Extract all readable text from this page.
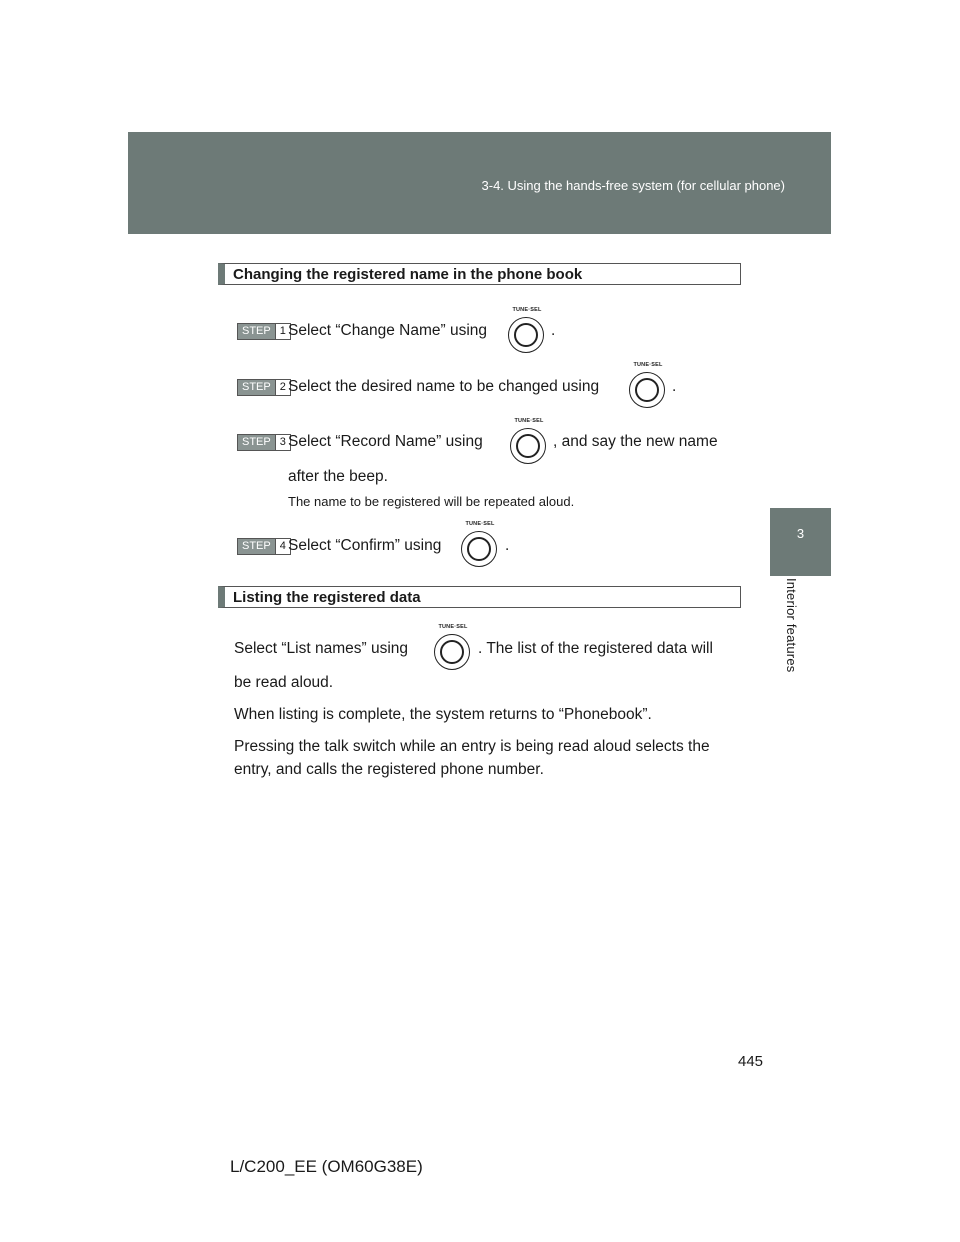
3-4. Using the hands-free system (for cellular phone)
3
Interior features
Changing the registered name in the phone book
STEP 1 Select “Change Name” using
TUNE·SEL
.
STEP 2 Select the desired name to be changed using
TUNE·SEL
.
STEP 3 Select “Record Name” using
TUNE·SEL
, and say the new name
after the beep.
The name to be registered will be repeated aloud.
STEP 4 Select “Confirm” using
TUNE·SEL
.
Listing the registered data
Select “List names” using
TUNE·SEL
. The list of the registered data will
be read aloud.
When listing is complete, the system returns to “Phonebook”.
Pressing the talk switch while an entry is being read aloud selects the
entry, and calls the registered phone number.
445
L/C200_EE (OM60G38E)
